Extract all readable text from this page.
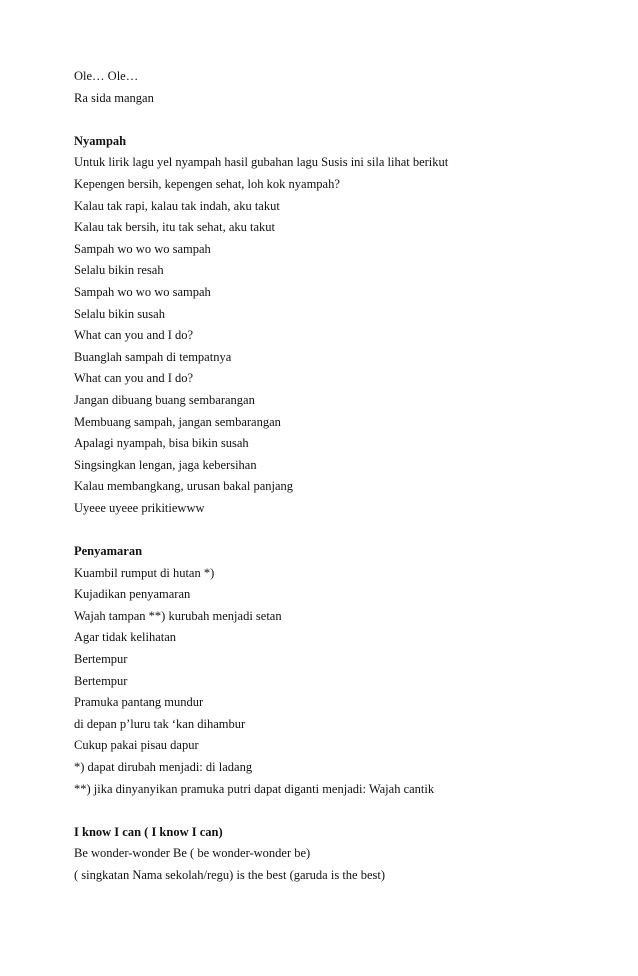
Ole… Ole…
Ra sida mangan
Nyampah
Untuk lirik lagu yel nyampah hasil gubahan lagu Susis ini sila lihat berikut
Kepengen bersih, kepengen sehat, loh kok nyampah?
Kalau tak rapi, kalau tak indah, aku takut
Kalau tak bersih, itu tak sehat, aku takut
Sampah wo wo wo sampah
Selalu bikin resah
Sampah wo wo wo sampah
Selalu bikin susah
What can you and I do?
Buanglah sampah di tempatnya
What can you and I do?
Jangan dibuang buang sembarangan
Membuang sampah, jangan sembarangan
Apalagi nyampah, bisa bikin susah
Singsingkan lengan, jaga kebersihan
Kalau membangkang, urusan bakal panjang
Uyeee uyeee prikitiewww
Penyamaran
Kuambil rumput di hutan *)
Kujadikan penyamaran
Wajah tampan **) kurubah menjadi setan
Agar tidak kelihatan
Bertempur
Bertempur
Pramuka pantang mundur
di depan p’luru tak ‘kan dihambur
Cukup pakai pisau dapur
*) dapat dirubah menjadi: di ladang
**) jika dinyanyikan pramuka putri dapat diganti menjadi: Wajah cantik
I know I can ( I know I can)
Be wonder-wonder Be ( be wonder-wonder be)
( singkatan Nama sekolah/regu) is the best (garuda is the best)
